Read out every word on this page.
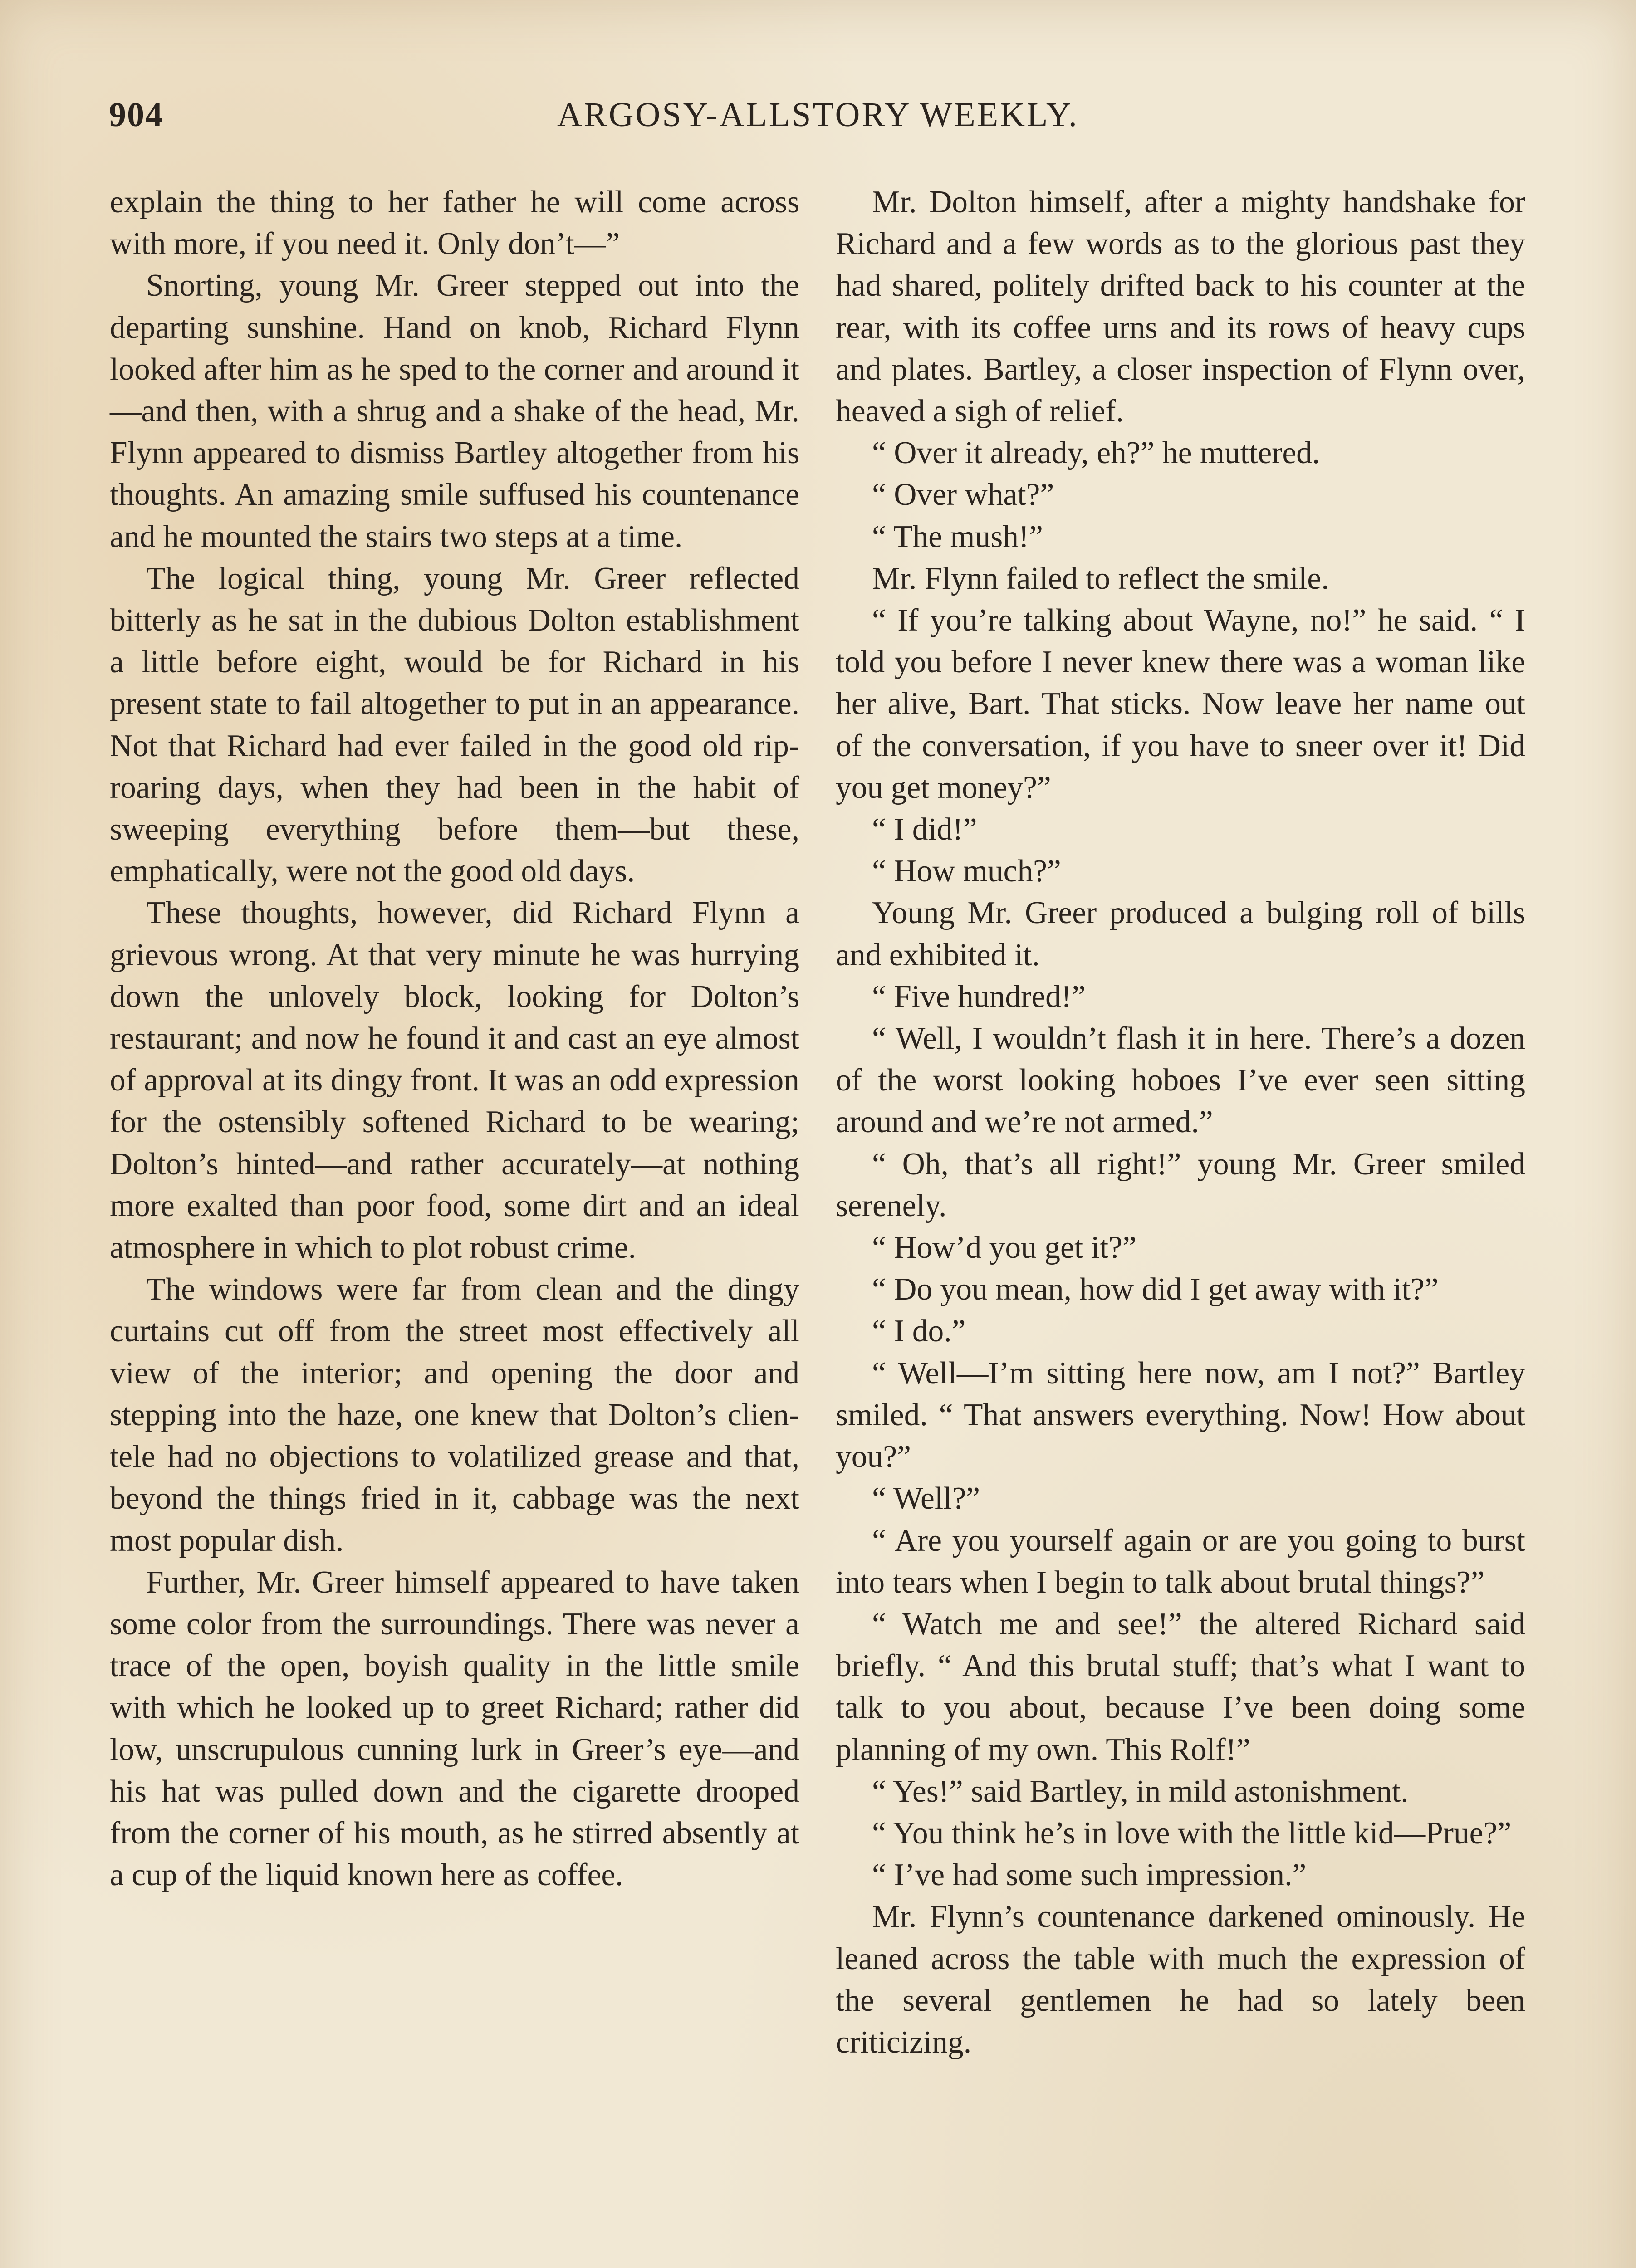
904	ARGOSY-ALLSTORY WEEKLY.

explain the thing to her father he will come across with more, if you need it. Only don’t—”

Snorting, young Mr. Greer stepped out into the departing sunshine. Hand on knob, Richard Flynn looked after him as he sped to the corner and around it—and then, with a shrug and a shake of the head, Mr. Flynn appeared to dismiss Bartley altogether from his thoughts. An amazing smile suffused his countenance and he mounted the stairs two steps at a time.

The logical thing, young Mr. Greer reflected bitterly as he sat in the dubious Dolton establishment a little before eight, would be for Richard in his present state to fail altogether to put in an appearance. Not that Richard had ever failed in the good old rip-roaring days, when they had been in the habit of sweeping everything before them—but these, emphatically, were not the good old days.

These thoughts, however, did Richard Flynn a grievous wrong. At that very minute he was hurrying down the unlovely block, looking for Dolton’s restaurant; and now he found it and cast an eye almost of approval at its dingy front. It was an odd expression for the ostensibly softened Richard to be wearing; Dolton’s hinted—and rather accurately—at nothing more exalted than poor food, some dirt and an ideal atmosphere in which to plot robust crime.

The windows were far from clean and the dingy curtains cut off from the street most effectively all view of the interior; and opening the door and stepping into the haze, one knew that Dolton’s clientele had no objections to volatilized grease and that, beyond the things fried in it, cabbage was the next most popular dish.

Further, Mr. Greer himself appeared to have taken some color from the surroundings. There was never a trace of the open, boyish quality in the little smile with which he looked up to greet Richard; rather did low, unscrupulous cunning lurk in Greer’s eye—and his hat was pulled down and the cigarette drooped from the corner of his mouth, as he stirred absently at a cup of the liquid known here as coffee.

Mr. Dolton himself, after a mighty handshake for Richard and a few words as to the glorious past they had shared, politely drifted back to his counter at the rear, with its coffee urns and its rows of heavy cups and plates. Bartley, a closer inspection of Flynn over, heaved a sigh of relief.

“ Over it already, eh?” he muttered.

“ Over what?”

“ The mush!”

Mr. Flynn failed to reflect the smile.

“ If you’re talking about Wayne, no!” he said. “ I told you before I never knew there was a woman like her alive, Bart. That sticks. Now leave her name out of the conversation, if you have to sneer over it! Did you get money?”

“ I did!”

“ How much?”

Young Mr. Greer produced a bulging roll of bills and exhibited it.

“ Five hundred!”

“ Well, I wouldn’t flash it in here. There’s a dozen of the worst looking hoboes I’ve ever seen sitting around and we’re not armed.”

“ Oh, that’s all right!” young Mr. Greer smiled serenely.

“ How’d you get it?”

“ Do you mean, how did I get away with it?”

“ I do.”

“ Well—I’m sitting here now, am I not?” Bartley smiled. “ That answers everything. Now! How about you?”

“ Well?”

“ Are you yourself again or are you going to burst into tears when I begin to talk about brutal things?”

“ Watch me and see!” the altered Richard said briefly. “ And this brutal stuff; that’s what I want to talk to you about, because I’ve been doing some planning of my own. This Rolf!”

“ Yes!” said Bartley, in mild astonishment.

“ You think he’s in love with the little kid—Prue?”

“ I’ve had some such impression.”

Mr. Flynn’s countenance darkened ominously. He leaned across the table with much the expression of the several gentlemen he had so lately been criticizing.
